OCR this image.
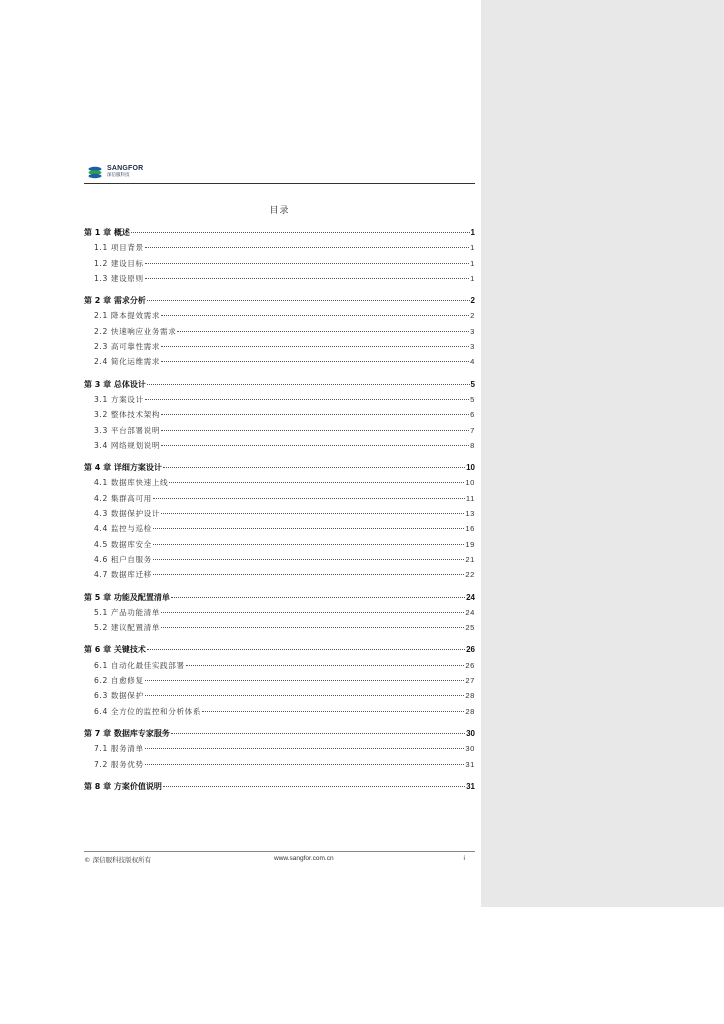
SANGFOR
深信服科技
目录
第 1 章 概述	1
1.1 项目背景	1
1.2 建设目标	1
1.3 建设原则	1
第 2 章 需求分析	2
2.1 降本提效需求	2
2.2 快速响应业务需求	3
2.3 高可靠性需求	3
2.4 简化运维需求	4
第 3 章 总体设计	5
3.1 方案设计	5
3.2 整体技术架构	6
3.3 平台部署说明	7
3.4 网络规划说明	8
第 4 章 详细方案设计	10
4.1 数据库快速上线	10
4.2 集群高可用	11
4.3 数据保护设计	13
4.4 监控与巡检	16
4.5 数据库安全	19
4.6 租户自服务	21
4.7 数据库迁移	22
第 5 章 功能及配置清单	24
5.1 产品功能清单	24
5.2 建议配置清单	25
第 6 章 关键技术	26
6.1 自动化最佳实践部署	26
6.2 自愈修复	27
6.3 数据保护	28
6.4 全方位的监控和分析体系	28
第 7 章 数据库专家服务	30
7.1 服务清单	30
7.2 服务优势	31
第 8 章 方案价值说明	31
© 深信服科技版权所有	www.sangfor.com.cn	i
